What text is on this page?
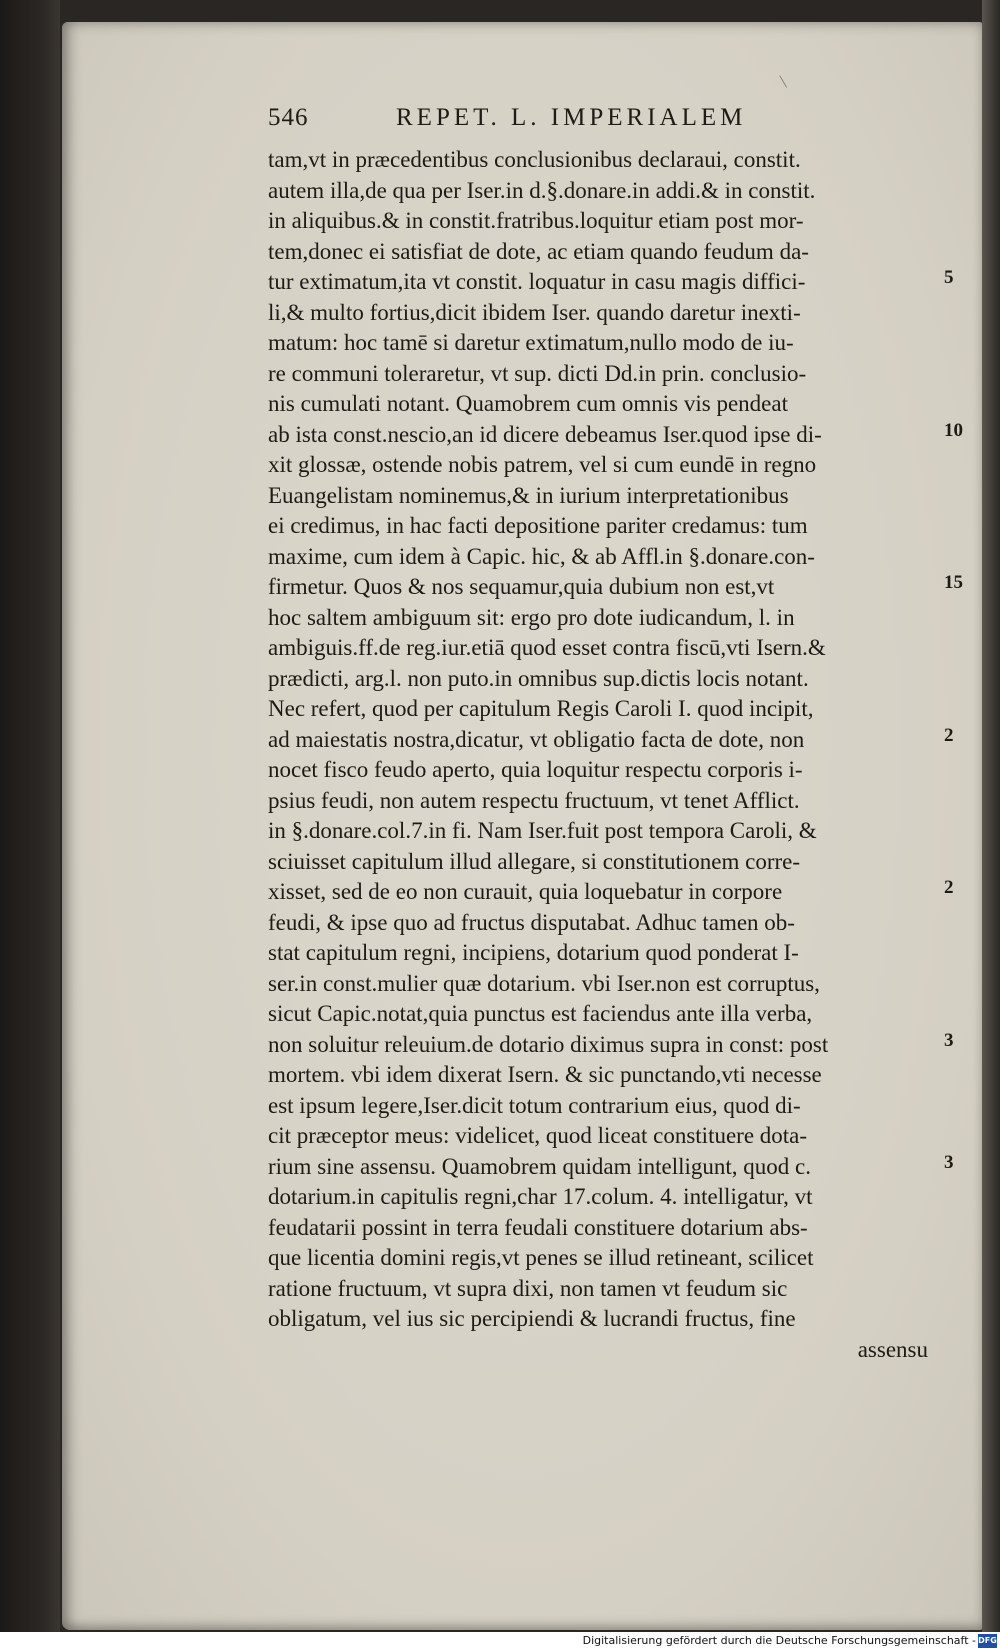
546	REPET. L. IMPERIALEM
tam,vt in præcedentibus conclusionibus declaraui, constit.
autem illa,de qua per Iser.in d.§.donare.in addi.& in constit.
in aliquibus.& in constit.fratribus.loquitur etiam post mor-
tem,donec ei satisfiat de dote, ac etiam quando feudum da-
tur extimatum,ita vt constit. loquatur in casu magis diffici-
li,& multo fortius,dicit ibidem Iser. quando daretur inexti-
matum: hoc tamē si daretur extimatum,nullo modo de iu-
re communi toleraretur, vt sup. dicti Dd.in prin. conclusio-
nis cumulati notant. Quamobrem cum omnis vis pendeat
ab ista const.nescio,an id dicere debeamus Iser.quod ipse di-
xit glossæ, ostende nobis patrem, vel si cum eundē in regno
Euangelistam nominemus,& in iurium interpretationibus
ei credimus, in hac facti depositione pariter credamus: tum
maxime, cum idem à Capic. hic, & ab Affl.in §.donare.con-
firmetur. Quos & nos sequamur,quia dubium non est,vt
hoc saltem ambiguum sit: ergo pro dote iudicandum, l. in
ambiguis.ff.de reg.iur.etiā quod esset contra fiscū,vti Isern.&
prædicti, arg.l. non puto.in omnibus sup.dictis locis notant.
Nec refert, quod per capitulum Regis Caroli I. quod incipit,
ad maiestatis nostra,dicatur, vt obligatio facta de dote, non
nocet fisco feudo aperto, quia loquitur respectu corporis i-
psius feudi, non autem respectu fructuum, vt tenet Afflict.
in §.donare.col.7.in fi. Nam Iser.fuit post tempora Caroli, &
sciuisset capitulum illud allegare, si constitutionem corre-
xisset, sed de eo non curauit, quia loquebatur in corpore
feudi, & ipse quo ad fructus disputabat. Adhuc tamen ob-
stat capitulum regni, incipiens, dotarium quod ponderat I-
ser.in const.mulier quæ dotarium. vbi Iser.non est corruptus,
sicut Capic.notat,quia punctus est faciendus ante illa verba,
non soluitur releuium.de dotario diximus supra in const: post
mortem. vbi idem dixerat Isern. & sic punctando,vti necesse
est ipsum legere,Iser.dicit totum contrarium eius, quod di-
cit præceptor meus: videlicet, quod liceat constituere dota-
rium sine assensu. Quamobrem quidam intelligunt, quod c.
dotarium.in capitulis regni,char 17.colum. 4. intelligatur, vt
feudatarii possint in terra feudali constituere dotarium abs-
que licentia domini regis,vt penes se illud retineant, scilicet
ratione fructuum, vt supra dixi, non tamen vt feudum sic
obligatum, vel ius sic percipiendi & lucrandi fructus, fine
assensu
5
10
15
2
2
3
3
Digitalisierung gefördert durch die Deutsche Forschungsgemeinschaft - DFG
